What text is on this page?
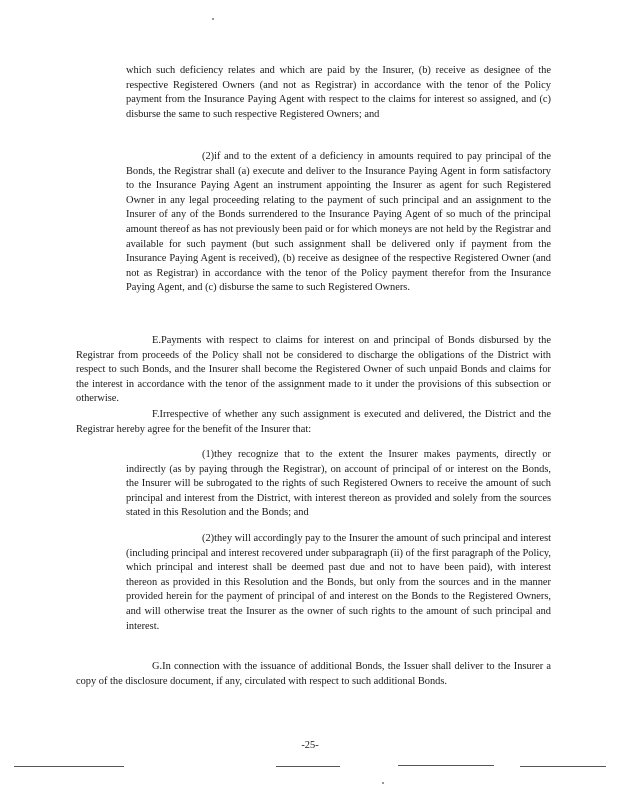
which such deficiency relates and which are paid by the Insurer, (b) receive as designee of the respective Registered Owners (and not as Registrar) in accordance with the tenor of the Policy payment from the Insurance Paying Agent with respect to the claims for interest so assigned, and (c) disburse the same to such respective Registered Owners; and

(2)if and to the extent of a deficiency in amounts required to pay principal of the Bonds, the Registrar shall (a) execute and deliver to the Insurance Paying Agent in form satisfactory to the Insurance Paying Agent an instrument appointing the Insurer as agent for such Registered Owner in any legal proceeding relating to the payment of such principal and an assignment to the Insurer of any of the Bonds surrendered to the Insurance Paying Agent of so much of the principal amount thereof as has not previously been paid or for which moneys are not held by the Registrar and available for such payment (but such assignment shall be delivered only if payment from the Insurance Paying Agent is received), (b) receive as designee of the respective Registered Owner (and not as Registrar) in accordance with the tenor of the Policy payment therefor from the Insurance Paying Agent, and (c) disburse the same to such Registered Owners.

E.Payments with respect to claims for interest on and principal of Bonds disbursed by the Registrar from proceeds of the Policy shall not be considered to discharge the obligations of the District with respect to such Bonds, and the Insurer shall become the Registered Owner of such unpaid Bonds and claims for the interest in accordance with the tenor of the assignment made to it under the provisions of this subsection or otherwise.

F.Irrespective of whether any such assignment is executed and delivered, the District and the Registrar hereby agree for the benefit of the Insurer that:

(1)they recognize that to the extent the Insurer makes payments, directly or indirectly (as by paying through the Registrar), on account of principal of or interest on the Bonds, the Insurer will be subrogated to the rights of such Registered Owners to receive the amount of such principal and interest from the District, with interest thereon as provided and solely from the sources stated in this Resolution and the Bonds; and

(2)they will accordingly pay to the Insurer the amount of such principal and interest (including principal and interest recovered under subparagraph (ii) of the first paragraph of the Policy, which principal and interest shall be deemed past due and not to have been paid), with interest thereon as provided in this Resolution and the Bonds, but only from the sources and in the manner provided herein for the payment of principal of and interest on the Bonds to the Registered Owners, and will otherwise treat the Insurer as the owner of such rights to the amount of such principal and interest.

G.In connection with the issuance of additional Bonds, the Issuer shall deliver to the Insurer a copy of the disclosure document, if any, circulated with respect to such additional Bonds.

-25-
